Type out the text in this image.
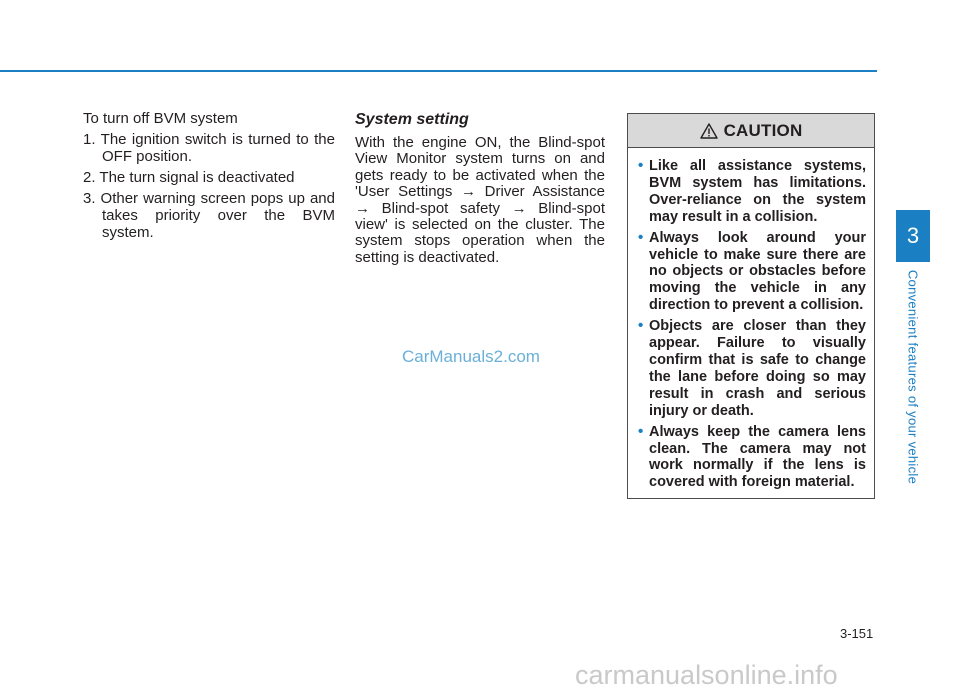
To turn off BVM system

1. The ignition switch is turned to the OFF position.
2. The turn signal is deactivated
3. Other warning screen pops up and takes priority over the BVM system.
System setting

With the engine ON, the Blind-spot View Monitor system turns on and gets ready to be activated when the 'User Settings → Driver Assistance → Blind-spot safety → Blind-spot view' is selected on the cluster. The system stops operation when the setting is deactivated.

CAUTION
• Like all assistance systems, BVM system has limitations. Over-reliance on the system may result in a collision.
• Always look around your vehicle to make sure there are no objects or obstacles before moving the vehicle in any direction to prevent a collision.
• Objects are closer than they appear. Failure to visually confirm that is safe to change the lane before doing so may result in crash and serious injury or death.
• Always keep the camera lens clean. The camera may not work normally if the lens is covered with foreign material.
3
Convenient features of your vehicle
3-151
CarManuals2.com
carmanualsonline.info
